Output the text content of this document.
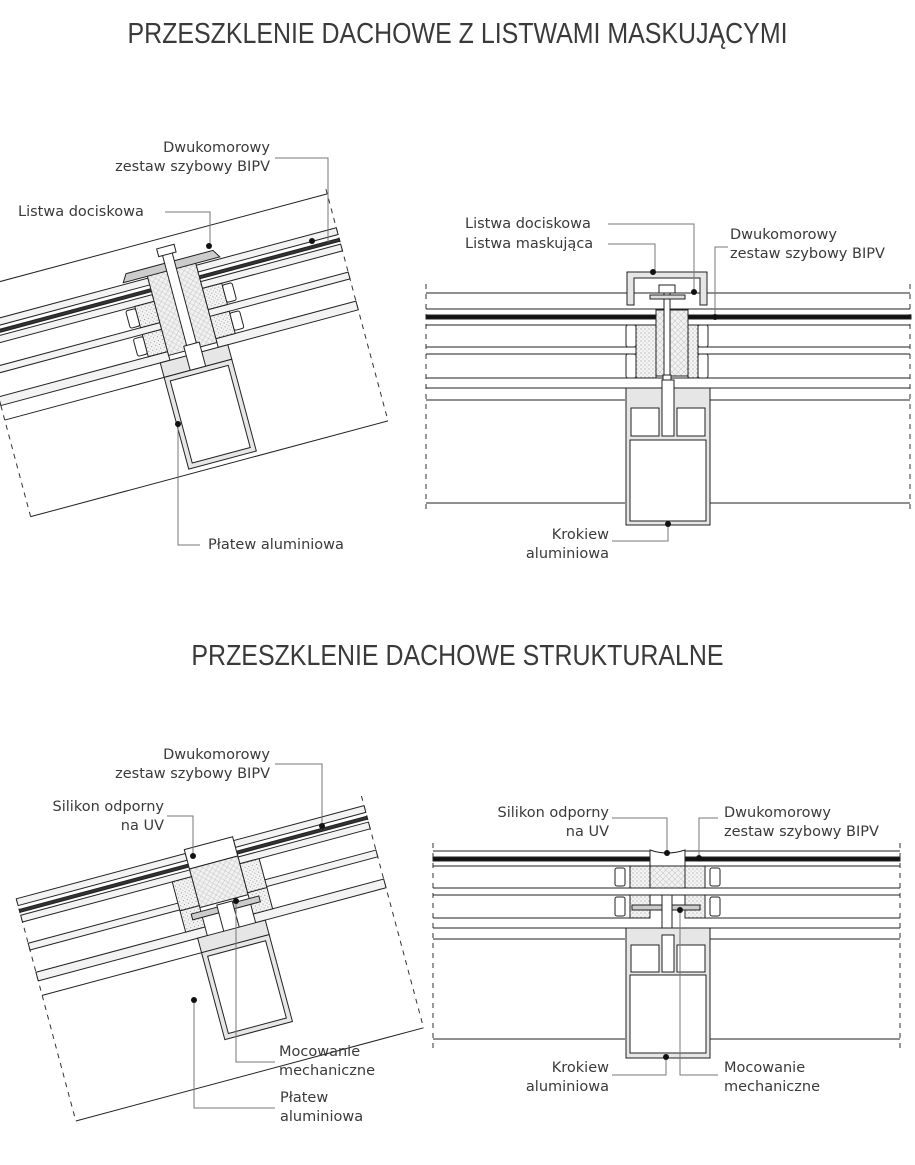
PRZESZKLENIE DACHOWE Z LISTWAMI MASKUJĄCYMI
PRZESZKLENIE DACHOWE STRUKTURALNE
Dwukomorowy
zestaw szybowy BIPV
Listwa dociskowa
Płatew aluminiowa
Listwa dociskowa
Listwa maskująca
Dwukomorowy
zestaw szybowy BIPV
Krokiew
aluminiowa
Dwukomorowy
zestaw szybowy BIPV
Silikon odporny
na UV
Mocowanie
mechaniczne
Płatew
aluminiowa
Silikon odporny
na UV
Dwukomorowy
zestaw szybowy BIPV
Krokiew
aluminiowa
Mocowanie
mechaniczne
